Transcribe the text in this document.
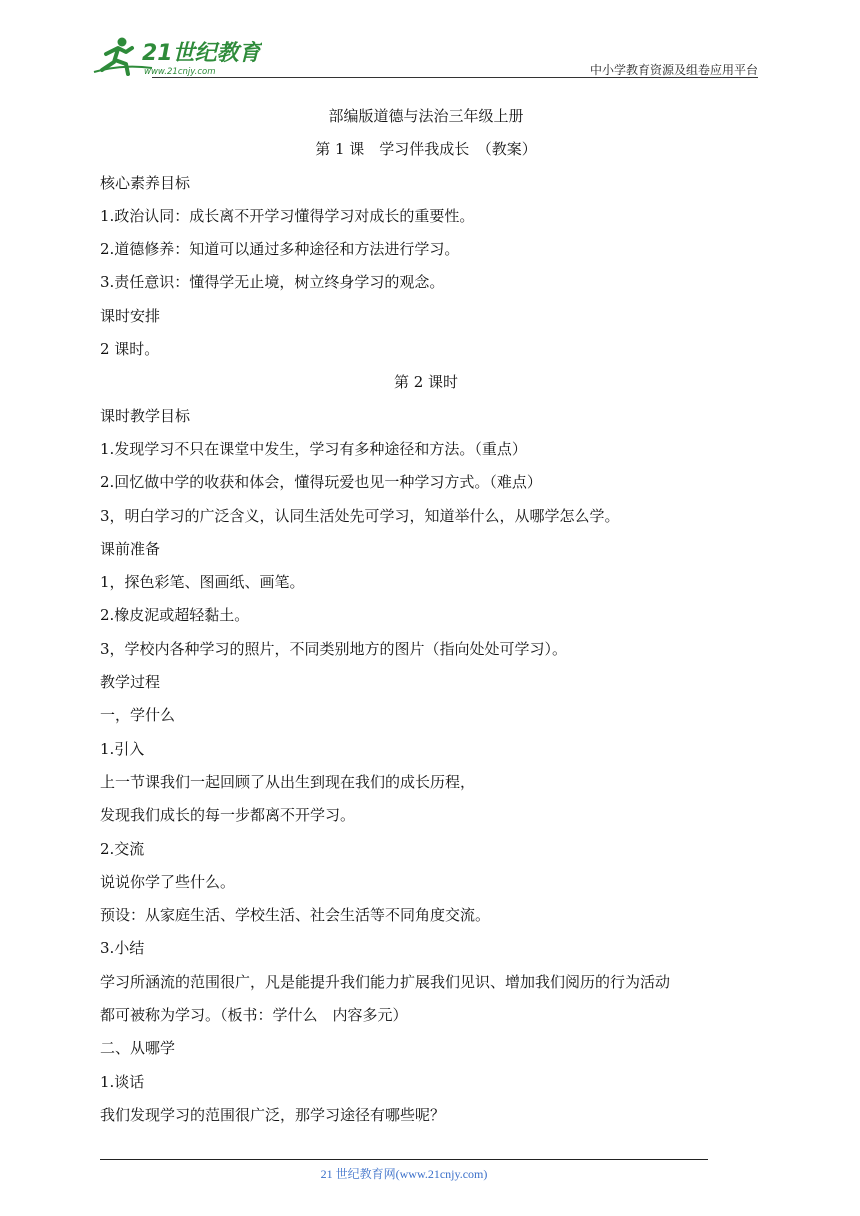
21世纪教育
www.21cnjy.com	中小学教育资源及组卷应用平台
部编版道德与法治三年级上册
第 1 课　学习伴我成长　（教案）
核心素养目标
1.政治认同：成长离不开学习懂得学习对成长的重要性。
2.道德修养：知道可以通过多种途径和方法进行学习。
3.责任意识：懂得学无止境，树立终身学习的观念。
课时安排
2 课时。
第 2 课时
课时教学目标
1.发现学习不只在课堂中发生，学习有多种途径和方法。（重点）
2.回忆做中学的收获和体会，懂得玩爱也见一种学习方式。（难点）
3，明白学习的广泛含义，认同生活处先可学习，知道举什么，从哪学怎么学。
课前准备
1，探色彩笔、图画纸、画笔。
2.橡皮泥或超轻黏土。
3，学校内各种学习的照片，不同类别地方的图片（指向处处可学习）。
教学过程
一，学什么
1.引入
上一节课我们一起回顾了从出生到现在我们的成长历程，
发现我们成长的每一步都离不开学习。
2.交流
说说你学了些什么。
预设：从家庭生活、学校生活、社会生活等不同角度交流。
3.小结
学习所涵流的范围很广，凡是能提升我们能力扩展我们见识、增加我们阅历的行为活动
都可被称为学习。（板书：学什么　内容多元）
二、从哪学
1.谈话
我们发现学习的范围很广泛，那学习途径有哪些呢？
21 世纪教育网(www.21cnjy.com)
